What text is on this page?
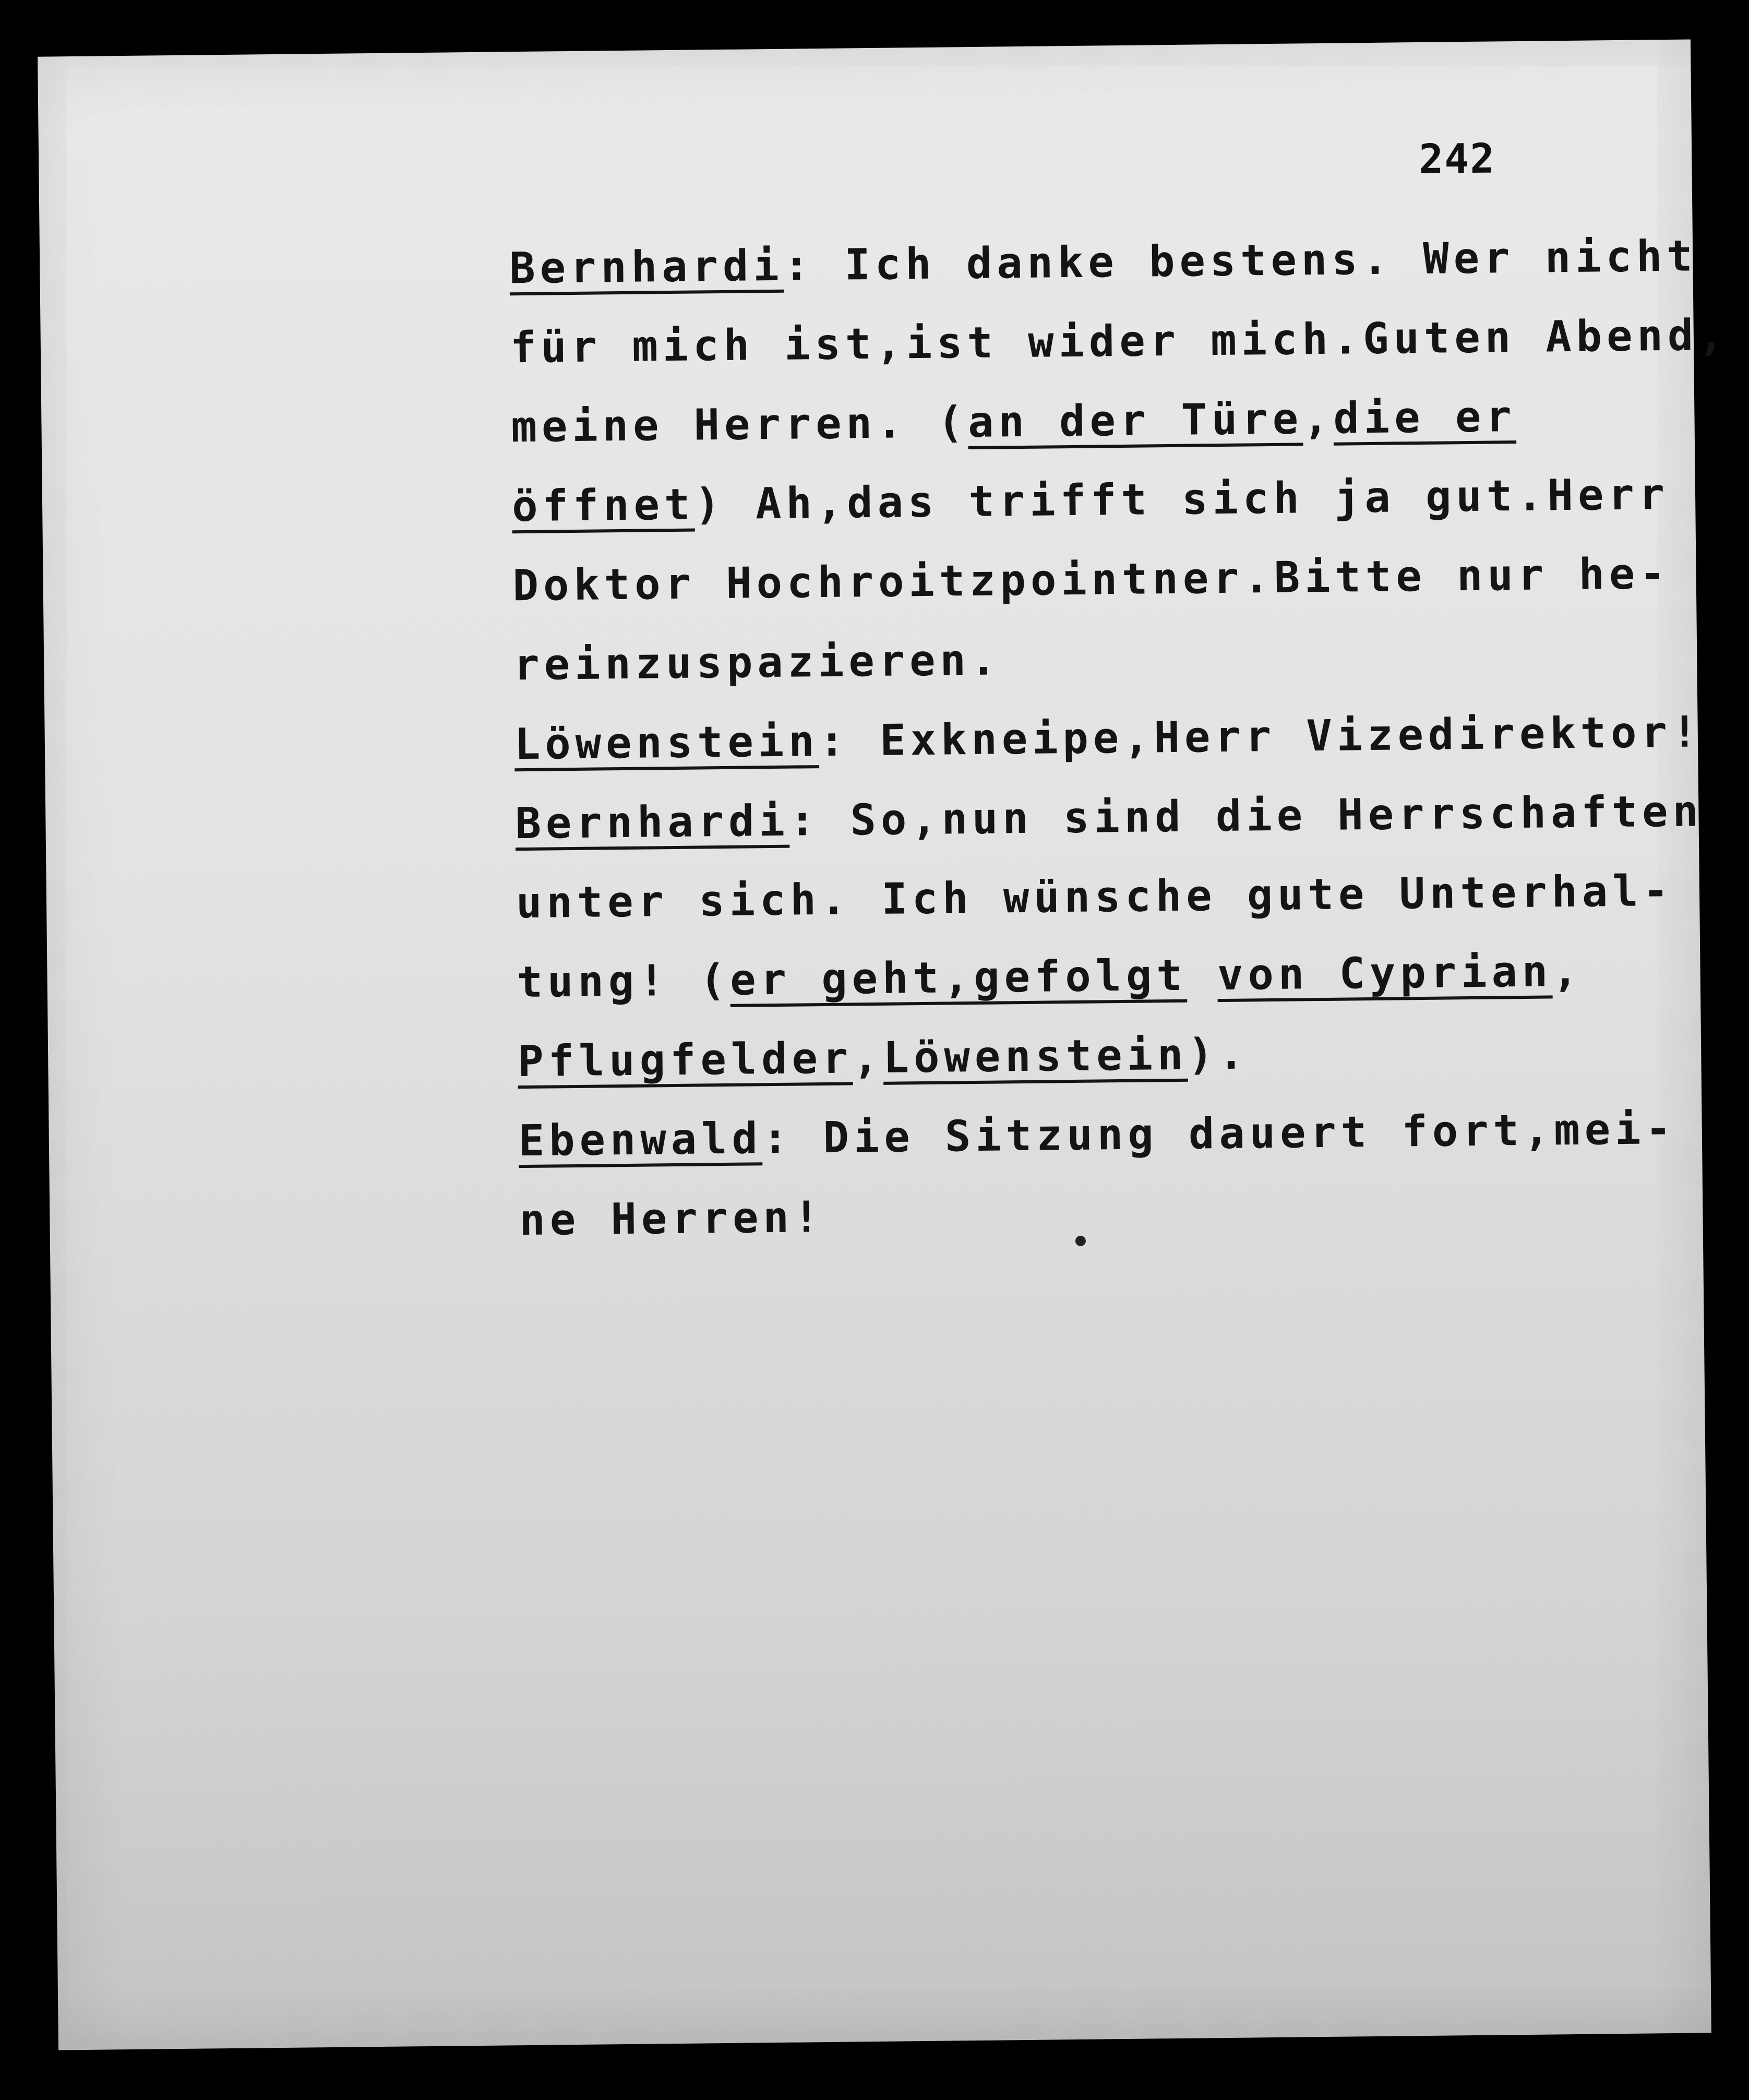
242
Bernhardi: Ich danke bestens. Wer nicht
für mich ist,ist wider mich.Guten Abend,
meine Herren. (an der Türe,die er
öffnet) Ah,das trifft sich ja gut.Herr
Doktor Hochroitzpointner.Bitte nur he-
reinzuspazieren.
Löwenstein: Exkneipe,Herr Vizedirektor!
Bernhardi: So,nun sind die Herrschaften
unter sich. Ich wünsche gute Unterhal-
tung! (er geht,gefolgt von Cyprian,
Pflugfelder,Löwenstein).
Ebenwald: Die Sitzung dauert fort,mei-
ne Herren!
